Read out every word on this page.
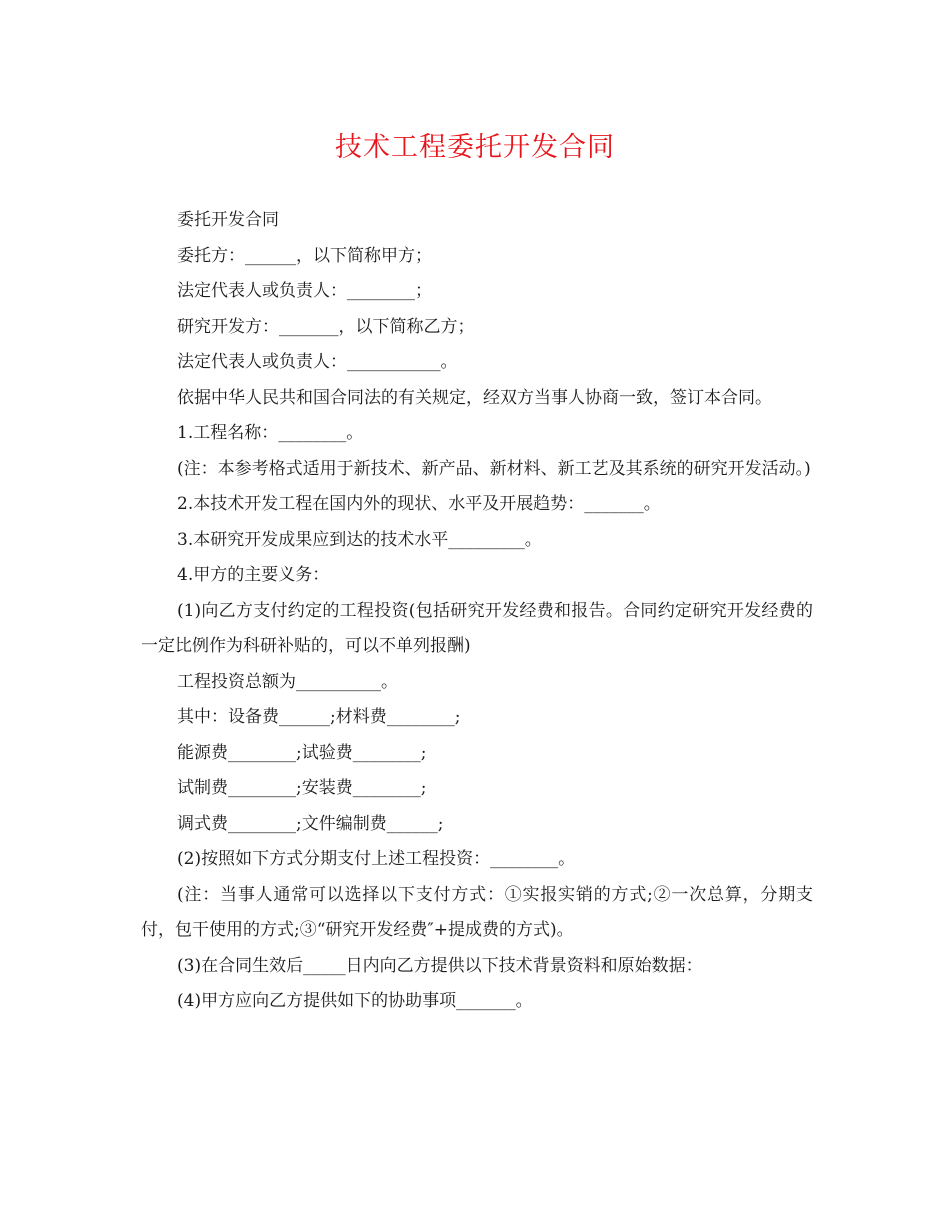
技术工程委托开发合同

委托开发合同

委托方：______，以下简称甲方；

法定代表人或负责人：________；

研究开发方：_______，以下简称乙方；

法定代表人或负责人：___________。

依据中华人民共和国合同法的有关规定，经双方当事人协商一致，签订本合同。

1.工程名称：________。

(注：本参考格式适用于新技术、新产品、新材料、新工艺及其系统的研究开发活动。)

2.本技术开发工程在国内外的现状、水平及开展趋势：_______。

3.本研究开发成果应到达的技术水平_________。

4.甲方的主要义务：

(1)向乙方支付约定的工程投资(包括研究开发经费和报告。合同约定研究开发经费的一定比例作为科研补贴的，可以不单列报酬)

工程投资总额为__________。

其中：设备费______;材料费________;

能源费________;试验费________;

试制费________;安装费________;

调式费________;文件编制费______;

(2)按照如下方式分期支付上述工程投资：________。

(注：当事人通常可以选择以下支付方式：①实报实销的方式;②一次总算，分期支付，包干使用的方式;③“研究开发经费″+提成费的方式)。

(3)在合同生效后_____日内向乙方提供以下技术背景资料和原始数据：

(4)甲方应向乙方提供如下的协助事项_______。
